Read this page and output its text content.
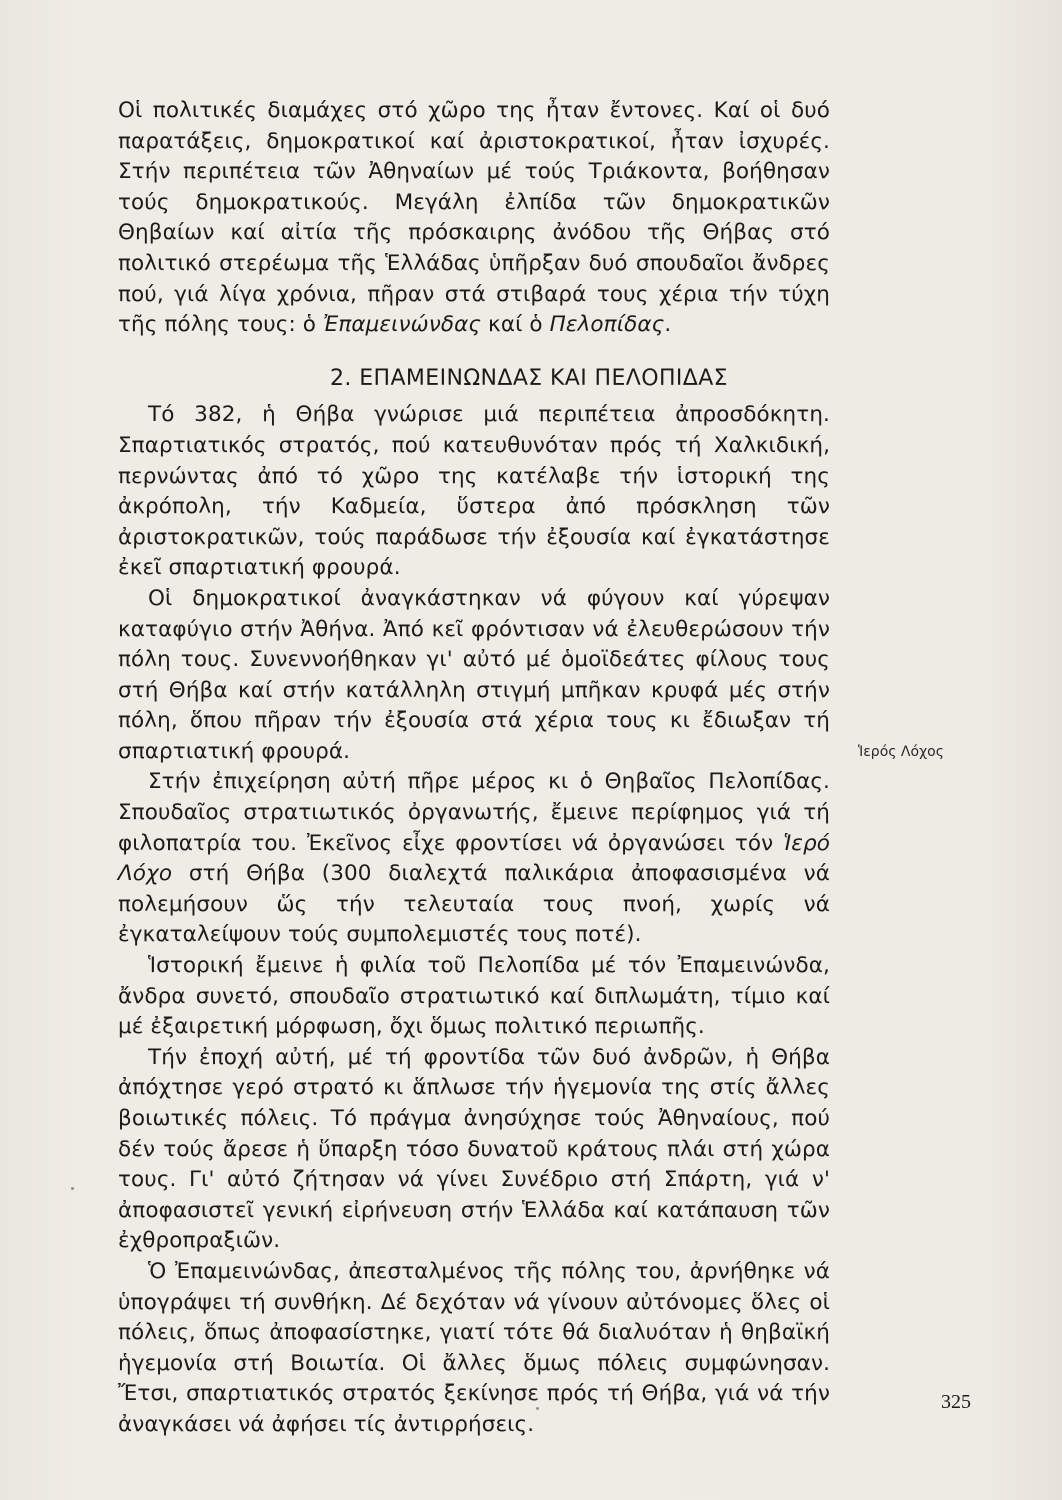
Οἱ πολιτικές διαμάχες στό χῶρο της ἦταν ἔντονες. Καί οἱ δυό παρατάξεις, δημοκρατικοί καί ἀριστοκρατικοί, ἦταν ἰσχυρές. Στήν περιπέτεια τῶν Ἀθηναίων μέ τούς Τριάκοντα, βοήθησαν τούς δημοκρατικούς. Μεγάλη ἐλπίδα τῶν δημοκρατικῶν Θηβαίων καί αἰτία τῆς πρόσκαιρης ἀνόδου τῆς Θήβας στό πολιτικό στερέωμα τῆς Ἑλλάδας ὑπῆρξαν δυό σπουδαῖοι ἄνδρες πού, γιά λίγα χρόνια, πῆραν στά στιβαρά τους χέρια τήν τύχη τῆς πόλης τους: ὁ Ἐπαμεινώνδας καί ὁ Πελοπίδας.

2. ΕΠΑΜΕΙΝΩΝΔΑΣ ΚΑΙ ΠΕΛΟΠΙΔΑΣ

Τό 382, ἡ Θήβα γνώρισε μιά περιπέτεια ἀπροσδόκητη. Σπαρτιατικός στρατός, πού κατευθυνόταν πρός τή Χαλκιδική, περνώντας ἀπό τό χῶρο της κατέλαβε τήν ἱστορική της ἀκρόπολη, τήν Καδμεία, ὕστερα ἀπό πρόσκληση τῶν ἀριστοκρατικῶν, τούς παράδωσε τήν ἐξουσία καί ἐγκατάστησε ἐκεῖ σπαρτιατική φρουρά.

Οἱ δημοκρατικοί ἀναγκάστηκαν νά φύγουν καί γύρεψαν καταφύγιο στήν Ἀθήνα. Ἀπό κεῖ φρόντισαν νά ἐλευθερώσουν τήν πόλη τους. Συνεννοήθηκαν γι' αὐτό μέ ὁμοϊδεάτες φίλους τους στή Θήβα καί στήν κατάλληλη στιγμή μπῆκαν κρυφά μές στήν πόλη, ὅπου πῆραν τήν ἐξουσία στά χέρια τους κι ἔδιωξαν τή σπαρτιατική φρουρά.

Στήν ἐπιχείρηση αὐτή πῆρε μέρος κι ὁ Θηβαῖος Πελοπίδας. Σπουδαῖος στρατιωτικός ὀργανωτής, ἔμεινε περίφημος γιά τή φιλοπατρία του. Ἐκεῖνος εἶχε φροντίσει νά ὀργανώσει τόν Ἱερό Λόχο στή Θήβα (300 διαλεχτά παλικάρια ἀποφασισμένα νά πολεμήσουν ὥς τήν τελευταία τους πνοή, χωρίς νά ἐγκαταλείψουν τούς συμπολεμιστές τους ποτέ).

Ἱστορική ἔμεινε ἡ φιλία τοῦ Πελοπίδα μέ τόν Ἐπαμεινώνδα, ἄνδρα συνετό, σπουδαῖο στρατιωτικό καί διπλωμάτη, τίμιο καί μέ ἐξαιρετική μόρφωση, ὄχι ὅμως πολιτικό περιωπῆς.

Τήν ἐποχή αὐτή, μέ τή φροντίδα τῶν δυό ἀνδρῶν, ἡ Θήβα ἀπόχτησε γερό στρατό κι ἅπλωσε τήν ἡγεμονία της στίς ἄλλες βοιωτικές πόλεις. Τό πράγμα ἀνησύχησε τούς Ἀθηναίους, πού δέν τούς ἄρεσε ἡ ὕπαρξη τόσο δυνατοῦ κράτους πλάι στή χώρα τους. Γι' αὐτό ζήτησαν νά γίνει Συνέδριο στή Σπάρτη, γιά ν' ἀποφασιστεῖ γενική εἰρήνευση στήν Ἑλλάδα καί κατάπαυση τῶν ἐχθροπραξιῶν.

Ὁ Ἐπαμεινώνδας, ἀπεσταλμένος τῆς πόλης του, ἀρνήθηκε νά ὑπογράψει τή συνθήκη. Δέ δεχόταν νά γίνουν αὐτόνομες ὅλες οἱ πόλεις, ὅπως ἀποφασίστηκε, γιατί τότε θά διαλυόταν ἡ θηβαϊκή ἡγεμονία στή Βοιωτία. Οἱ ἄλλες ὅμως πόλεις συμφώνησαν. Ἔτσι, σπαρτιατικός στρατός ξεκίνησε πρός τή Θήβα, γιά νά τήν ἀναγκάσει νά ἀφήσει τίς ἀντιρρήσεις.

Ἱερός Λόχος
325
